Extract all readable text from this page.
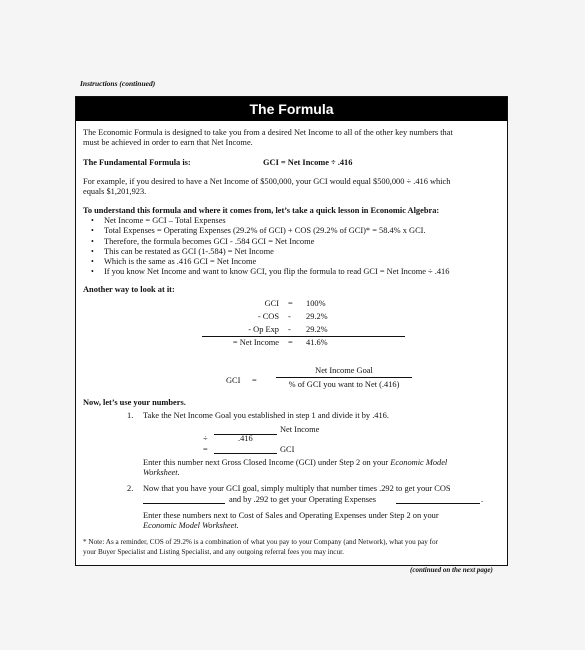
Instructions (continued)
The Formula
The Economic Formula is designed to take you from a desired Net Income to all of the other key numbers that
must be achieved in order to earn that Net Income.
The Fundamental Formula is:	GCI = Net Income ÷ .416
For example, if you desired to have a Net Income of $500,000, your GCI would equal $500,000 ÷ .416 which
equals $1,201,923.
To understand this formula and where it comes from, let’s take a quick lesson in Economic Algebra:
• Net Income = GCI – Total Expenses
• Total Expenses = Operating Expenses (29.2% of GCI) + COS (29.2% of GCI)* = 58.4% x GCI.
• Therefore, the formula becomes GCI - .584 GCI = Net Income
• This can be restated as GCI (1-.584) = Net Income
• Which is the same as .416 GCI = Net Income
• If you know Net Income and want to know GCI, you flip the formula to read GCI = Net Income ÷ .416
Another way to look at it:
GCI = 100%
- COS - 29.2%
- Op Exp - 29.2%
= Net Income = 41.6%
GCI =
Net Income Goal
% of GCI you want to Net (.416)
Now, let’s use your numbers.
1. Take the Net Income Goal you established in step 1 and divide it by .416.
Net Income
÷	.416
=	GCI
Enter this number next Gross Closed Income (GCI) under Step 2 on your Economic Model
Worksheet.
2. Now that you have your GCI goal, simply multiply that number times .292 to get your COS
and by .292 to get your Operating Expenses	.
Enter these numbers next to Cost of Sales and Operating Expenses under Step 2 on your
Economic Model Worksheet.
* Note: As a reminder, COS of 29.2% is a combination of what you pay to your Company (and Network), what you pay for
your Buyer Specialist and Listing Specialist, and any outgoing referral fees you may incur.
(continued on the next page)
